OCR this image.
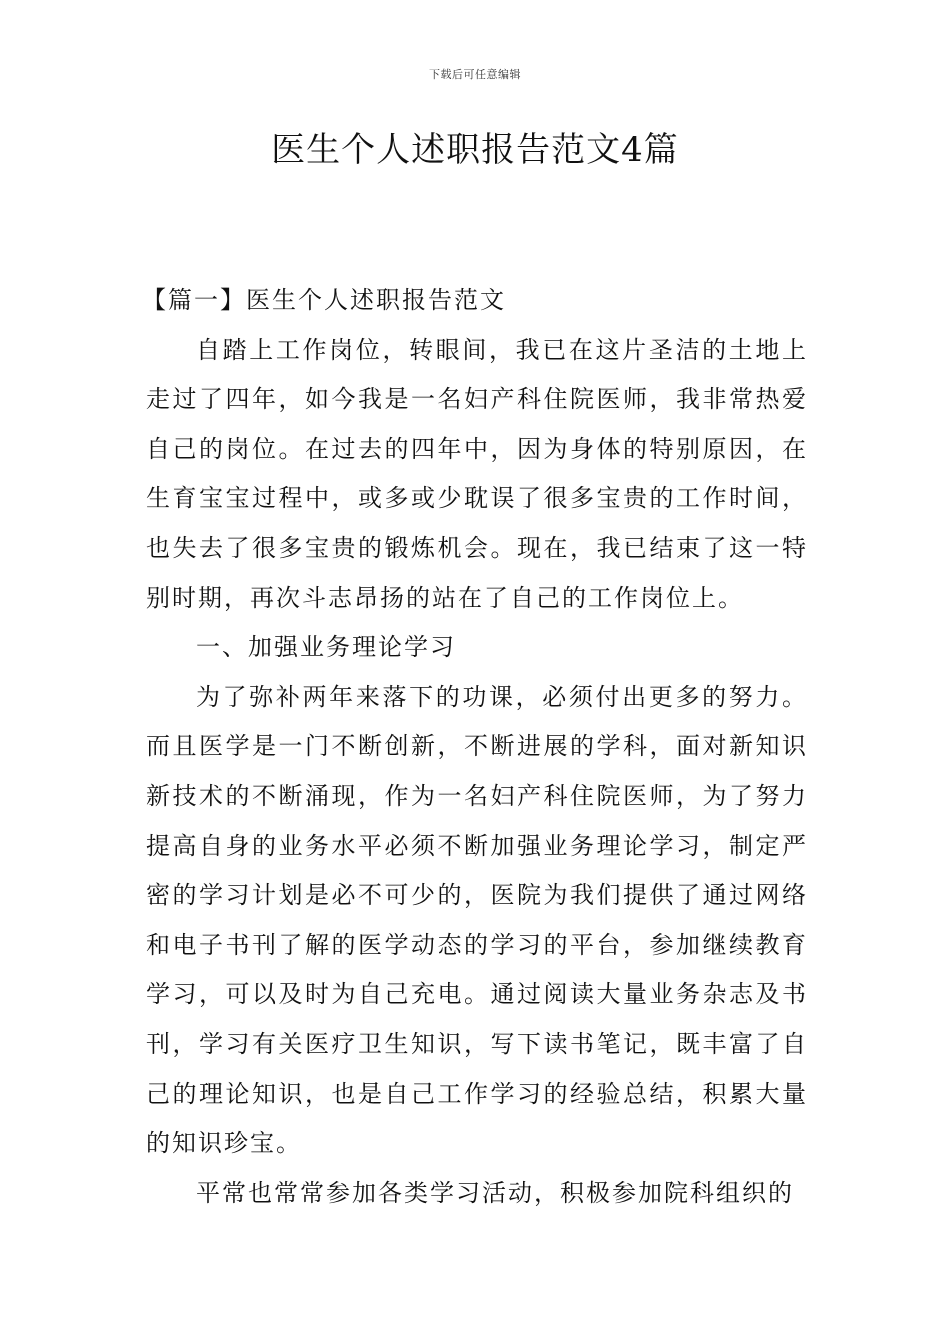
下载后可任意编辑
医生个人述职报告范文4篇

【篇一】医生个人述职报告范文

自踏上工作岗位，转眼间，我已在这片圣洁的土地上走过了四年，如今我是一名妇产科住院医师，我非常热爱自己的岗位。在过去的四年中，因为身体的特别原因，在生育宝宝过程中，或多或少耽误了很多宝贵的工作时间，也失去了很多宝贵的锻炼机会。现在，我已结束了这一特别时期，再次斗志昂扬的站在了自己的工作岗位上。

一、加强业务理论学习

为了弥补两年来落下的功课，必须付出更多的努力。而且医学是一门不断创新，不断进展的学科，面对新知识新技术的不断涌现，作为一名妇产科住院医师，为了努力提高自身的业务水平必须不断加强业务理论学习，制定严密的学习计划是必不可少的，医院为我们提供了通过网络和电子书刊了解的医学动态的学习的平台，参加继续教育学习，可以及时为自己充电。通过阅读大量业务杂志及书刊，学习有关医疗卫生知识，写下读书笔记，既丰富了自己的理论知识，也是自己工作学习的经验总结，积累大量的知识珍宝。

平常也常常参加各类学习活动，积极参加院科组织的
